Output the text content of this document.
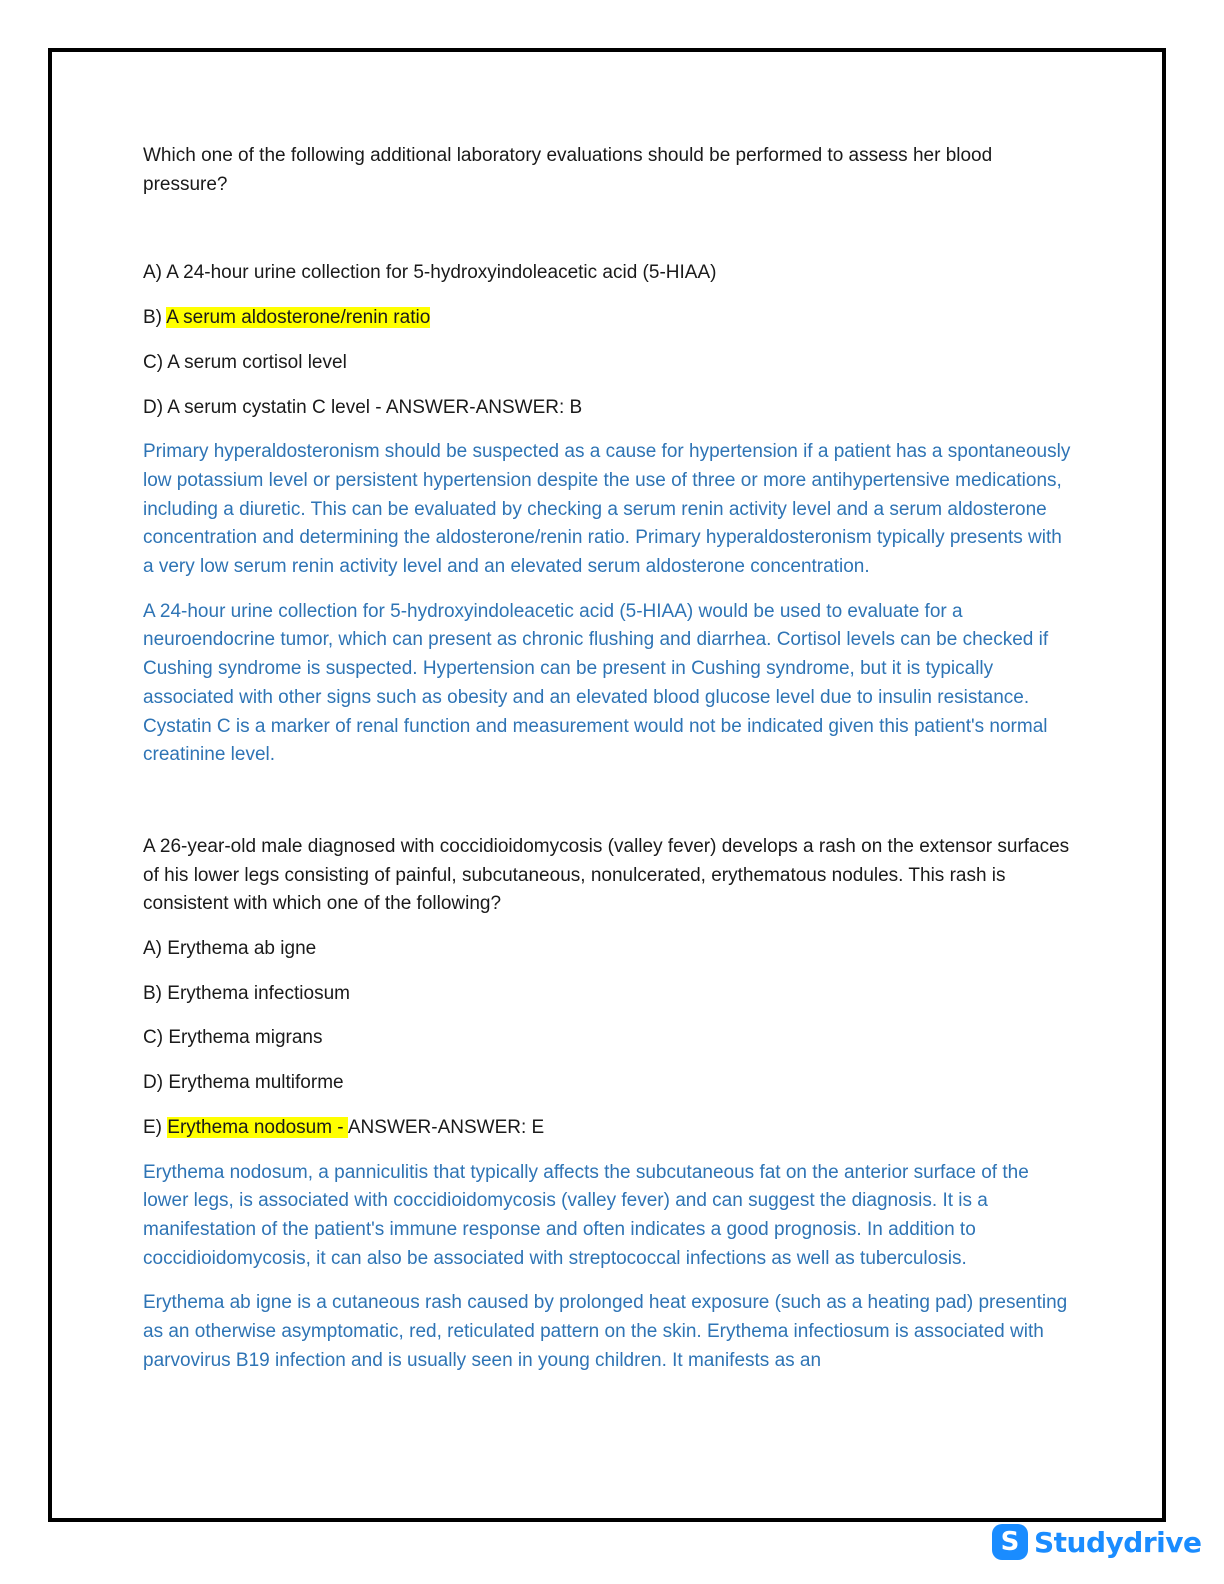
Which one of the following additional laboratory evaluations should be performed to assess her blood pressure?

A) A 24-hour urine collection for 5-hydroxyindoleacetic acid (5-HIAA)

B) A serum aldosterone/renin ratio

C) A serum cortisol level

D) A serum cystatin C level - ANSWER-ANSWER: B

Primary hyperaldosteronism should be suspected as a cause for hypertension if a patient has a spontaneously low potassium level or persistent hypertension despite the use of three or more antihypertensive medications, including a diuretic. This can be evaluated by checking a serum renin activity level and a serum aldosterone concentration and determining the aldosterone/renin ratio. Primary hyperaldosteronism typically presents with a very low serum renin activity level and an elevated serum aldosterone concentration.

A 24-hour urine collection for 5-hydroxyindoleacetic acid (5-HIAA) would be used to evaluate for a neuroendocrine tumor, which can present as chronic flushing and diarrhea. Cortisol levels can be checked if Cushing syndrome is suspected. Hypertension can be present in Cushing syndrome, but it is typically associated with other signs such as obesity and an elevated blood glucose level due to insulin resistance. Cystatin C is a marker of renal function and measurement would not be indicated given this patient's normal creatinine level.

A 26-year-old male diagnosed with coccidioidomycosis (valley fever) develops a rash on the extensor surfaces of his lower legs consisting of painful, subcutaneous, nonulcerated, erythematous nodules. This rash is consistent with which one of the following?

A) Erythema ab igne

B) Erythema infectiosum

C) Erythema migrans

D) Erythema multiforme

E) Erythema nodosum - ANSWER-ANSWER: E

Erythema nodosum, a panniculitis that typically affects the subcutaneous fat on the anterior surface of the lower legs, is associated with coccidioidomycosis (valley fever) and can suggest the diagnosis. It is a manifestation of the patient's immune response and often indicates a good prognosis. In addition to coccidioidomycosis, it can also be associated with streptococcal infections as well as tuberculosis.

Erythema ab igne is a cutaneous rash caused by prolonged heat exposure (such as a heating pad) presenting as an otherwise asymptomatic, red, reticulated pattern on the skin. Erythema infectiosum is associated with parvovirus B19 infection and is usually seen in young children. It manifests as an

S Studydrive
